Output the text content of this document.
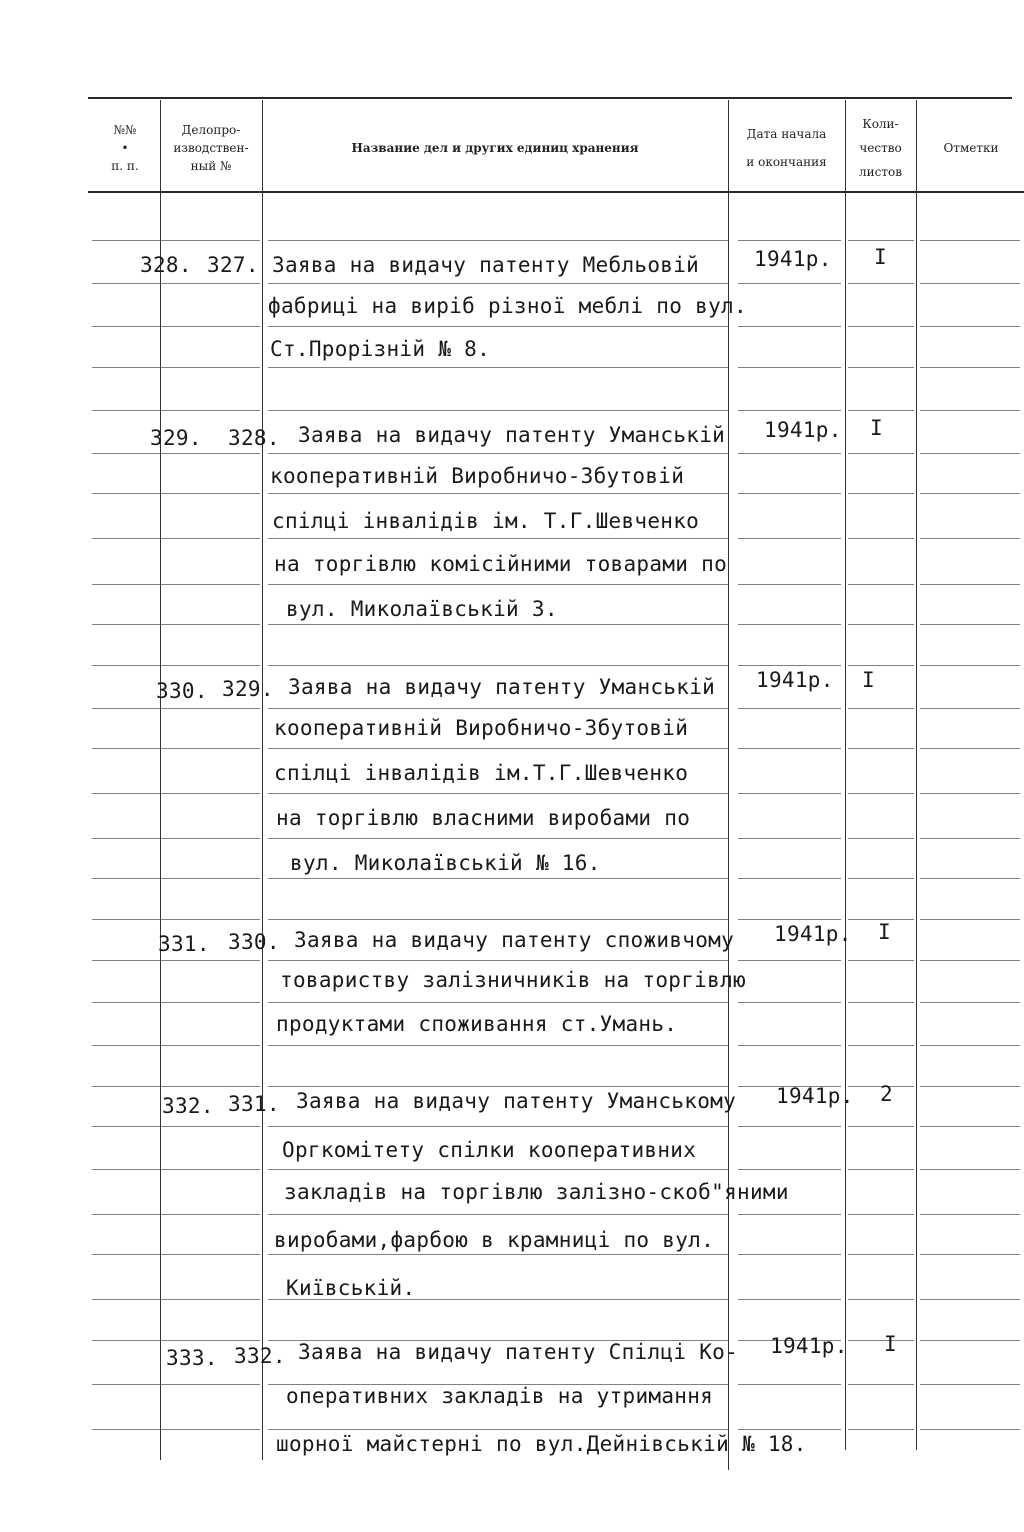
№№
•
п. п.
Делопро-
изводствен-
ный №
Название дел и других единиц хранения
Дата начала
и окончания
Коли-
чество
листов
Отметки
328. 327. Заява на видачу патенту Мебльовій
фабриці на виріб різної меблі по вул.
Ст.Прорізній № 8.
1941р. I
329. 328. Заява на видачу патенту Уманській
кооперативній Виробничо-Збутовій
спілці інвалідів ім. Т.Г.Шевченко
на торгівлю комісійними товарами по
вул. Миколаївській 3.
1941р. I
330. 329. Заява на видачу патенту Уманській
кооперативній Виробничо-Збутовій
спілці інвалідів ім.Т.Г.Шевченко
на торгівлю власними виробами по
вул. Миколаївській № 16.
1941р. I
331. 330. Заява на видачу патенту споживчому
товариству залізничників на торгівлю
продуктами споживання ст.Умань.
1941р. I
332. 331. Заява на видачу патенту Уманському
Оргкомітету спілки кооперативних
закладів на торгівлю залізно-скоб"яними
виробами,фарбою в крамниці по вул.
Київській.
1941р. 2
333. 332. Заява на видачу патенту Спілці Ко-
оперативних закладів на утримання
шорної майстерні по вул.Дейнівській № 18.
1941р. I
